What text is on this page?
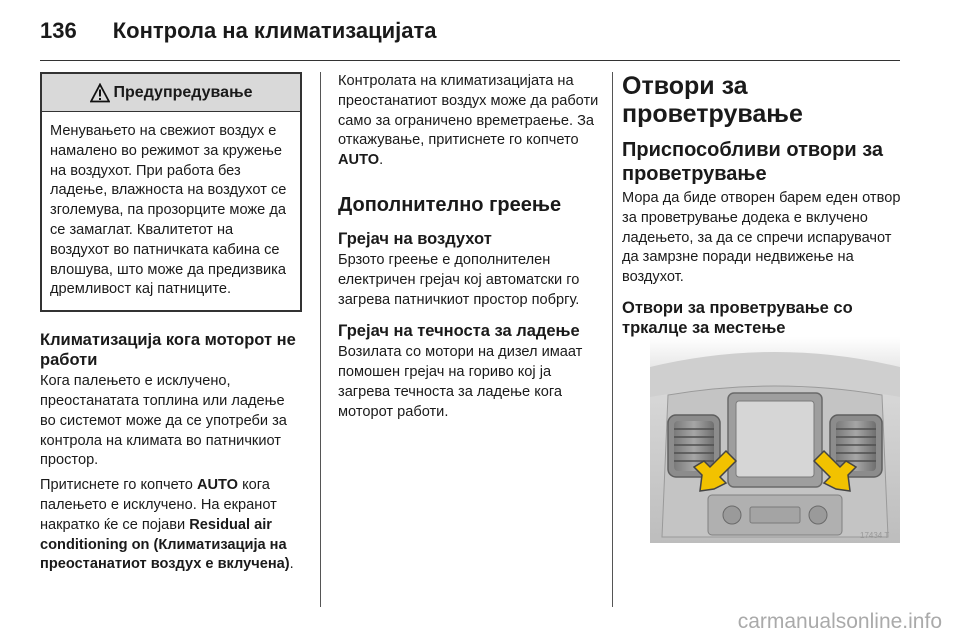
136 Контрола на климатизацијата
Предупредување
Менувањето на свежиот воздух е намалено во режимот за кружење на воздухот. При работа без ладење, влажноста на воздухот се зголемува, па прозорците може да се замаглат. Квалитетот на воздухот во патничката кабина се влошува, што може да предизвика дремливост кај патниците.
Климатизација кога моторот не работи

Кога палењето е исклучено, преостанатата топлина или ладење во системот може да се употреби за контрола на климата во патничкиот простор.

Притиснете го копчето AUTO кога палењето е исклучено. На екранот накратко ќе се појави Residual air conditioning on (Климатизација на преостанатиот воздух е вклучена).

Контролата на климатизацијата на преостанатиот воздух може да работи само за ограничено времетраење. За откажување, притиснете го копчето AUTO.

Дополнително греење
Грејач на воздухот

Брзото греење е дополнителен електричен грејач кој автоматски го загрева патничкиот простор побргу.

Грејач на течноста за ладење

Возилата со мотори на дизел имаат помошен грејач на гориво кој ја загрева течноста за ладење кога моторот работи.

Отвори за проветрување
Приспособливи отвори за проветрување

Мора да биде отворен барем еден отвор за проветрување додека е вклучено ладењето, за да се спречи испарувачот да замрзне поради недвижење на воздухот.

Отвори за проветрување со тркалце за местење
17434 T
carmanualsonline.info
